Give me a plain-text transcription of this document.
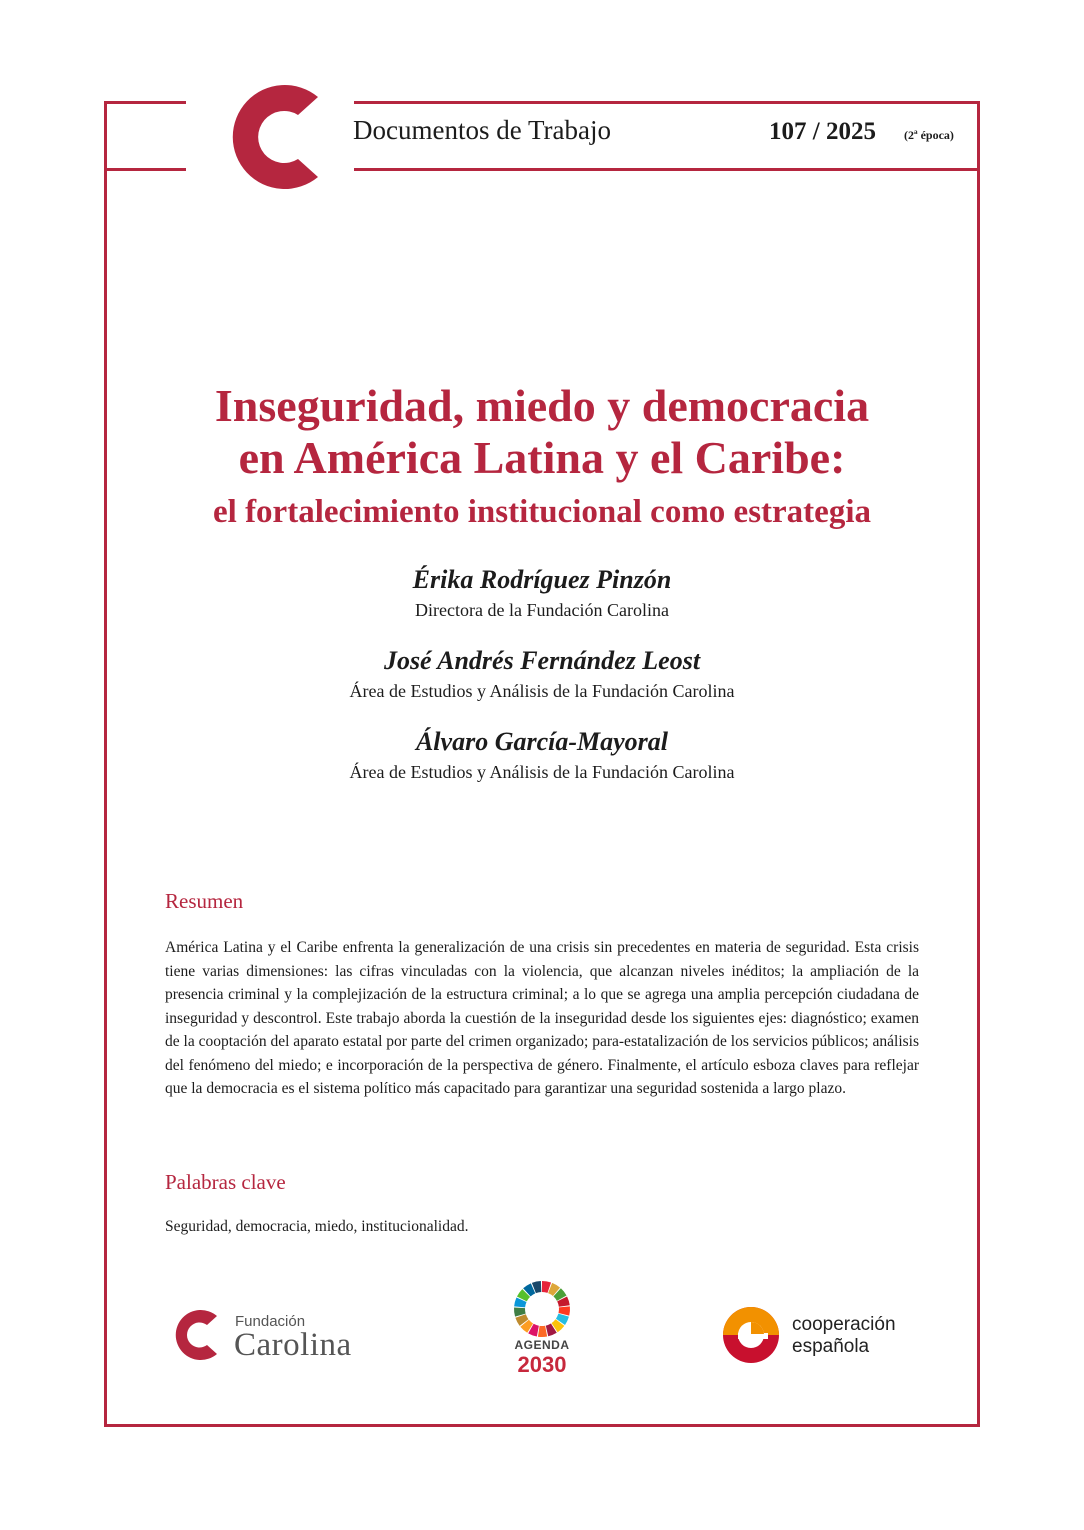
Documentos de Trabajo	107 / 2025 (2ª época)
Inseguridad, miedo y democracia
en América Latina y el Caribe:
el fortalecimiento institucional como estrategia
Érika Rodríguez Pinzón
Directora de la Fundación Carolina
José Andrés Fernández Leost
Área de Estudios y Análisis de la Fundación Carolina
Álvaro García-Mayoral
Área de Estudios y Análisis de la Fundación Carolina
Resumen
América Latina y el Caribe enfrenta la generalización de una crisis sin precedentes en materia de seguridad. Esta crisis tiene varias dimensiones: las cifras vinculadas con la violencia, que alcanzan niveles inéditos; la ampliación de la presencia criminal y la complejización de la estructura criminal; a lo que se agrega una amplia percepción ciudadana de inseguridad y descontrol. Este trabajo aborda la cuestión de la inseguridad desde los siguientes ejes: diagnóstico; examen de la cooptación del aparato estatal por parte del crimen organizado; para-estatalización de los servicios públicos; análisis del fenómeno del miedo; e incorporación de la perspectiva de género. Finalmente, el artículo esboza claves para reflejar que la democracia es el sistema político más capacitado para garantizar una seguridad sostenida a largo plazo.
Palabras clave
Seguridad, democracia, miedo, institucionalidad.
Fundación
Carolina	AGENDA
2030
cooperación
española
